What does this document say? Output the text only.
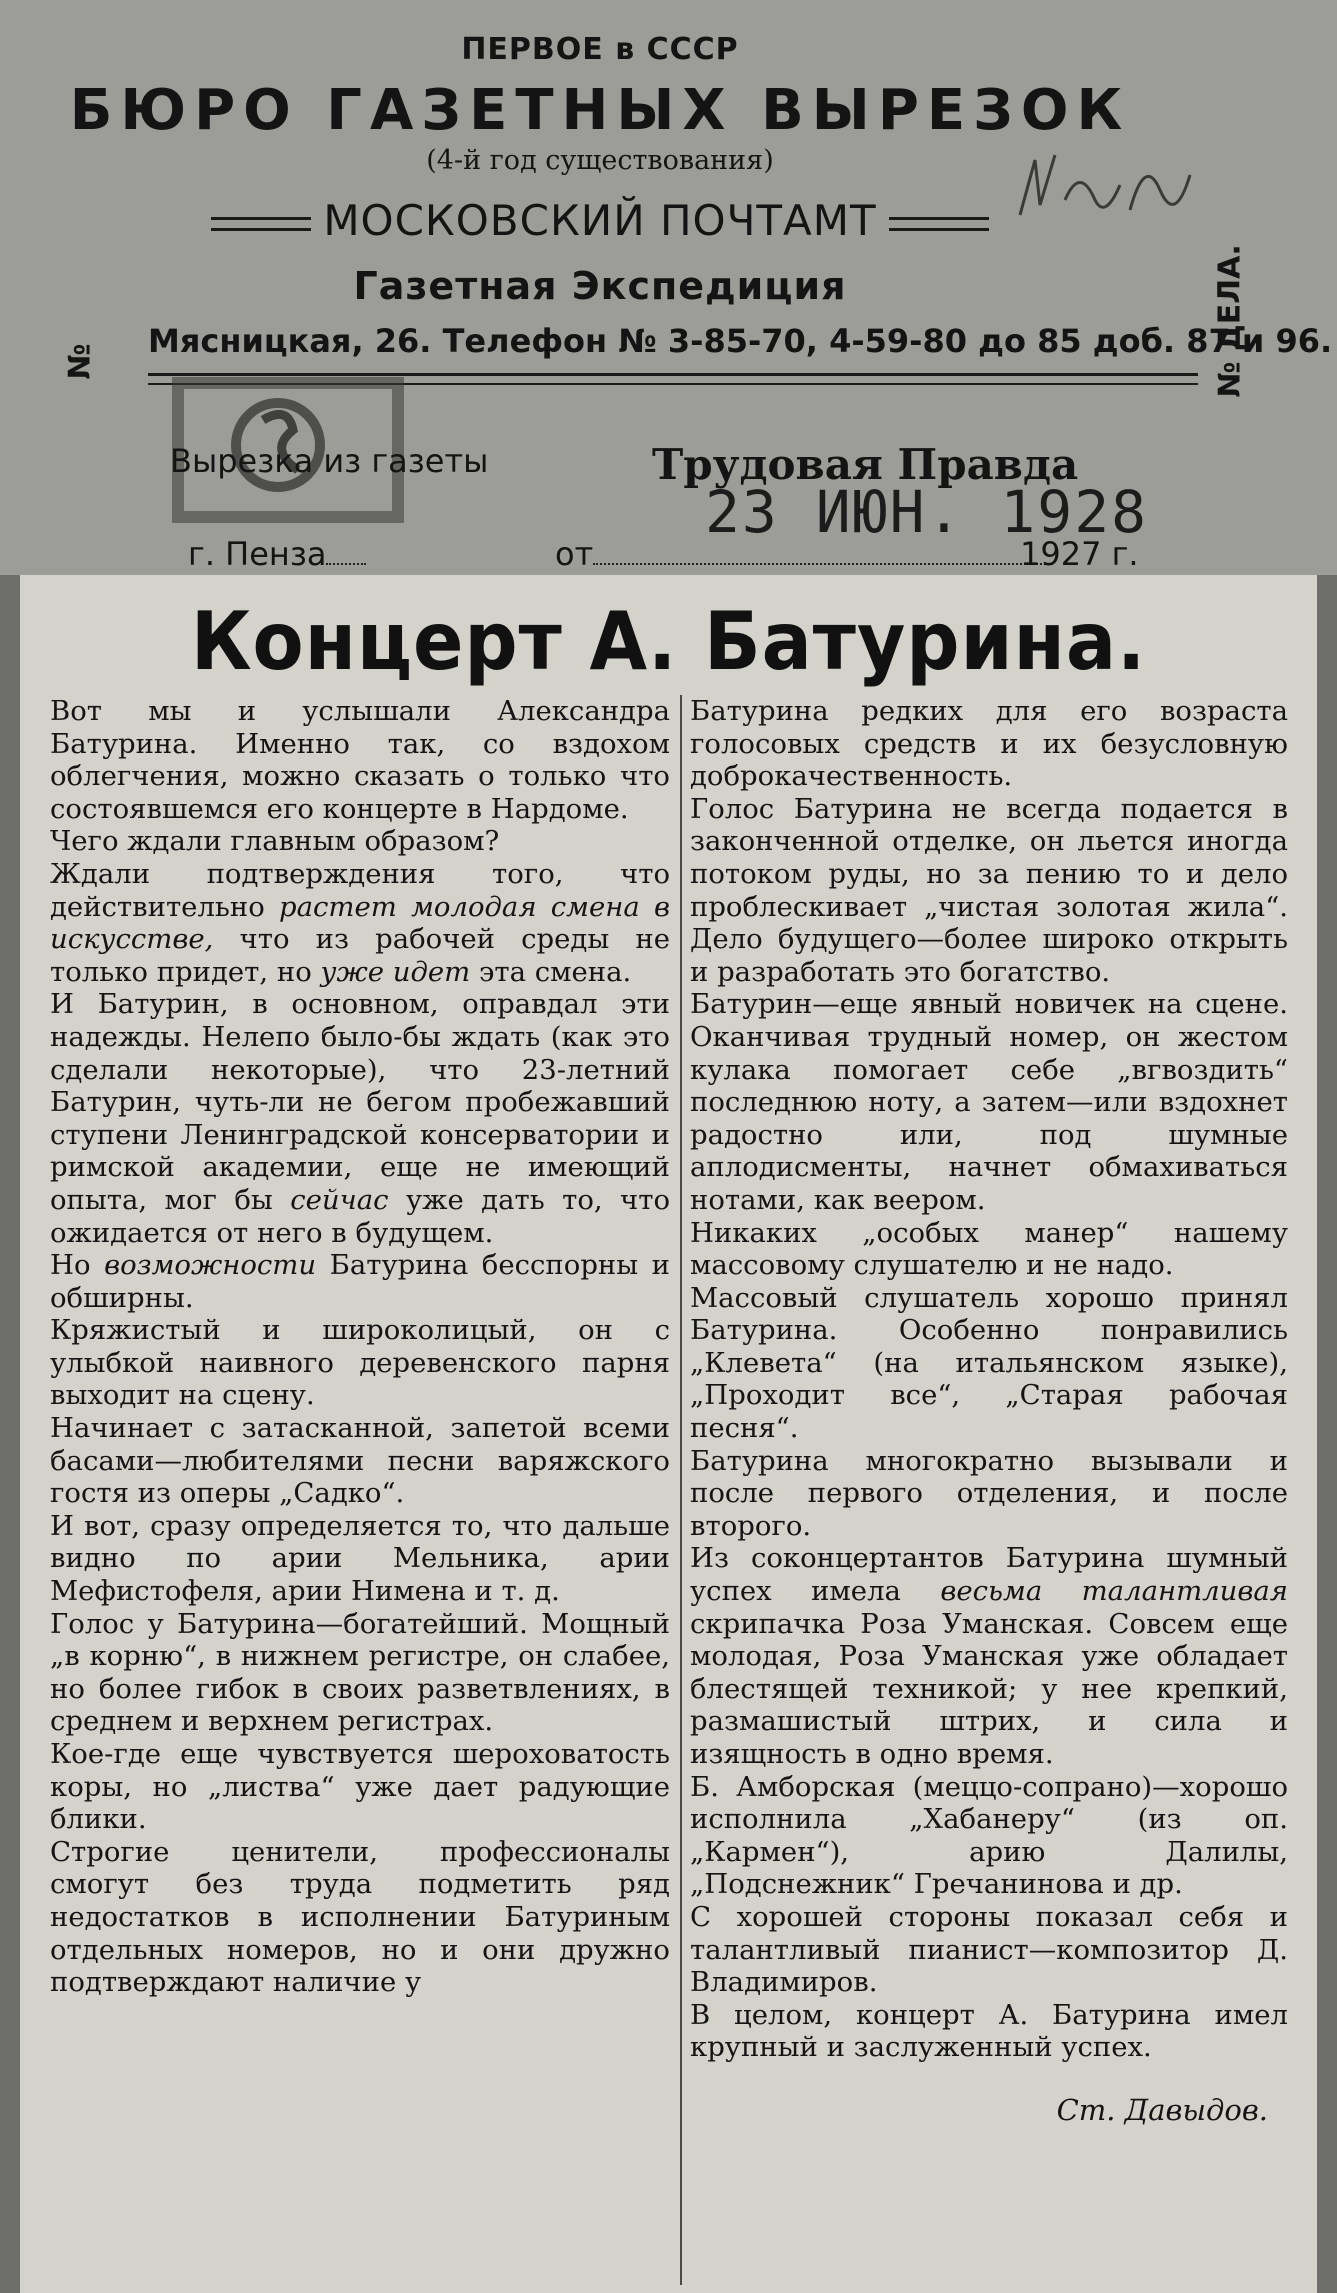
ПЕРВОЕ в СССР
БЮРО ГАЗЕТНЫХ ВЫРЕЗОК
(4-й год существования)
МОСКОВСКИЙ ПОЧТАМТ
Газетная Экспедиция
Мясницкая, 26. Телефон № 3-85-70, 4-59-80 до 85 доб. 87 и 96.
№	№ ДЕЛА.
Вырезка из газеты	Трудовая Правда
23 ИЮН. 1928
г. Пенза	от	1927 г.
Концерт А. Батурина.

Вот мы и услышали Александра Батурина. Именно так, со вздохом облегчения, можно сказать о только что состоявшемся его концерте в Нардоме.

Чего ждали главным образом?

Ждали подтверждения того, что действительно растет молодая смена в искусстве, что из рабочей среды не только придет, но уже идет эта смена.

И Батурин, в основном, оправдал эти надежды. Нелепо было-бы ждать (как это сделали некоторые), что 23-летний Батурин, чуть-ли не бегом пробежавший ступени Ленинградской консерватории и римской академии, еще не имеющий опыта, мог бы сейчас уже дать то, что ожидается от него в будущем.

Но возможности Батурина бесспорны и обширны.

Кряжистый и широколицый, он с улыбкой наивного деревенского парня выходит на сцену.

Начинает с затасканной, запетой всеми басами—любителями песни варяжского гостя из оперы „Садко“.

И вот, сразу определяется то, что дальше видно по арии Мельника, арии Мефистофеля, арии Нимена и т. д.

Голос у Батурина—богатейший. Мощный „в корню“, в нижнем регистре, он слабее, но более гибок в своих разветвлениях, в среднем и верхнем регистрах.

Кое-где еще чувствуется шероховатость коры, но „листва“ уже дает радующие блики.

Строгие ценители, профессионалы смогут без труда подметить ряд недостатков в исполнении Батуриным отдельных номеров, но и они дружно подтверждают наличие у

Батурина редких для его возраста голосовых средств и их безусловную доброкачественность.

Голос Батурина не всегда подается в законченной отделке, он льется иногда потоком руды, но за пению то и дело проблескивает „чистая золотая жила“. Дело будущего—более широко открыть и разработать это богатство.

Батурин—еще явный новичек на сцене. Оканчивая трудный номер, он жестом кулака помогает себе „вгвоздить“ последнюю ноту, а затем—или вздохнет радостно или, под шумные аплодисменты, начнет обмахиваться нотами, как веером.

Никаких „особых манер“ нашему массовому слушателю и не надо.

Массовый слушатель хорошо принял Батурина. Особенно понравились „Клевета“ (на итальянском языке), „Проходит все“, „Старая рабочая песня“.

Батурина многократно вызывали и после первого отделения, и после второго.

Из соконцертантов Батурина шумный успех имела весьма талантливая скрипачка Роза Уманская. Совсем еще молодая, Роза Уманская уже обладает блестящей техникой; у нее крепкий, размашистый штрих, и сила и изящность в одно время.

Б. Амборская (меццо-сопрано)—хорошо исполнила „Хабанеру“ (из оп. „Кармен“), арию Далилы, „Подснежник“ Гречанинова и др.

С хорошей стороны показал себя и талантливый пианист—композитор Д. Владимиров.

В целом, концерт А. Батурина имел крупный и заслуженный успех.

Ст. Давыдов.
